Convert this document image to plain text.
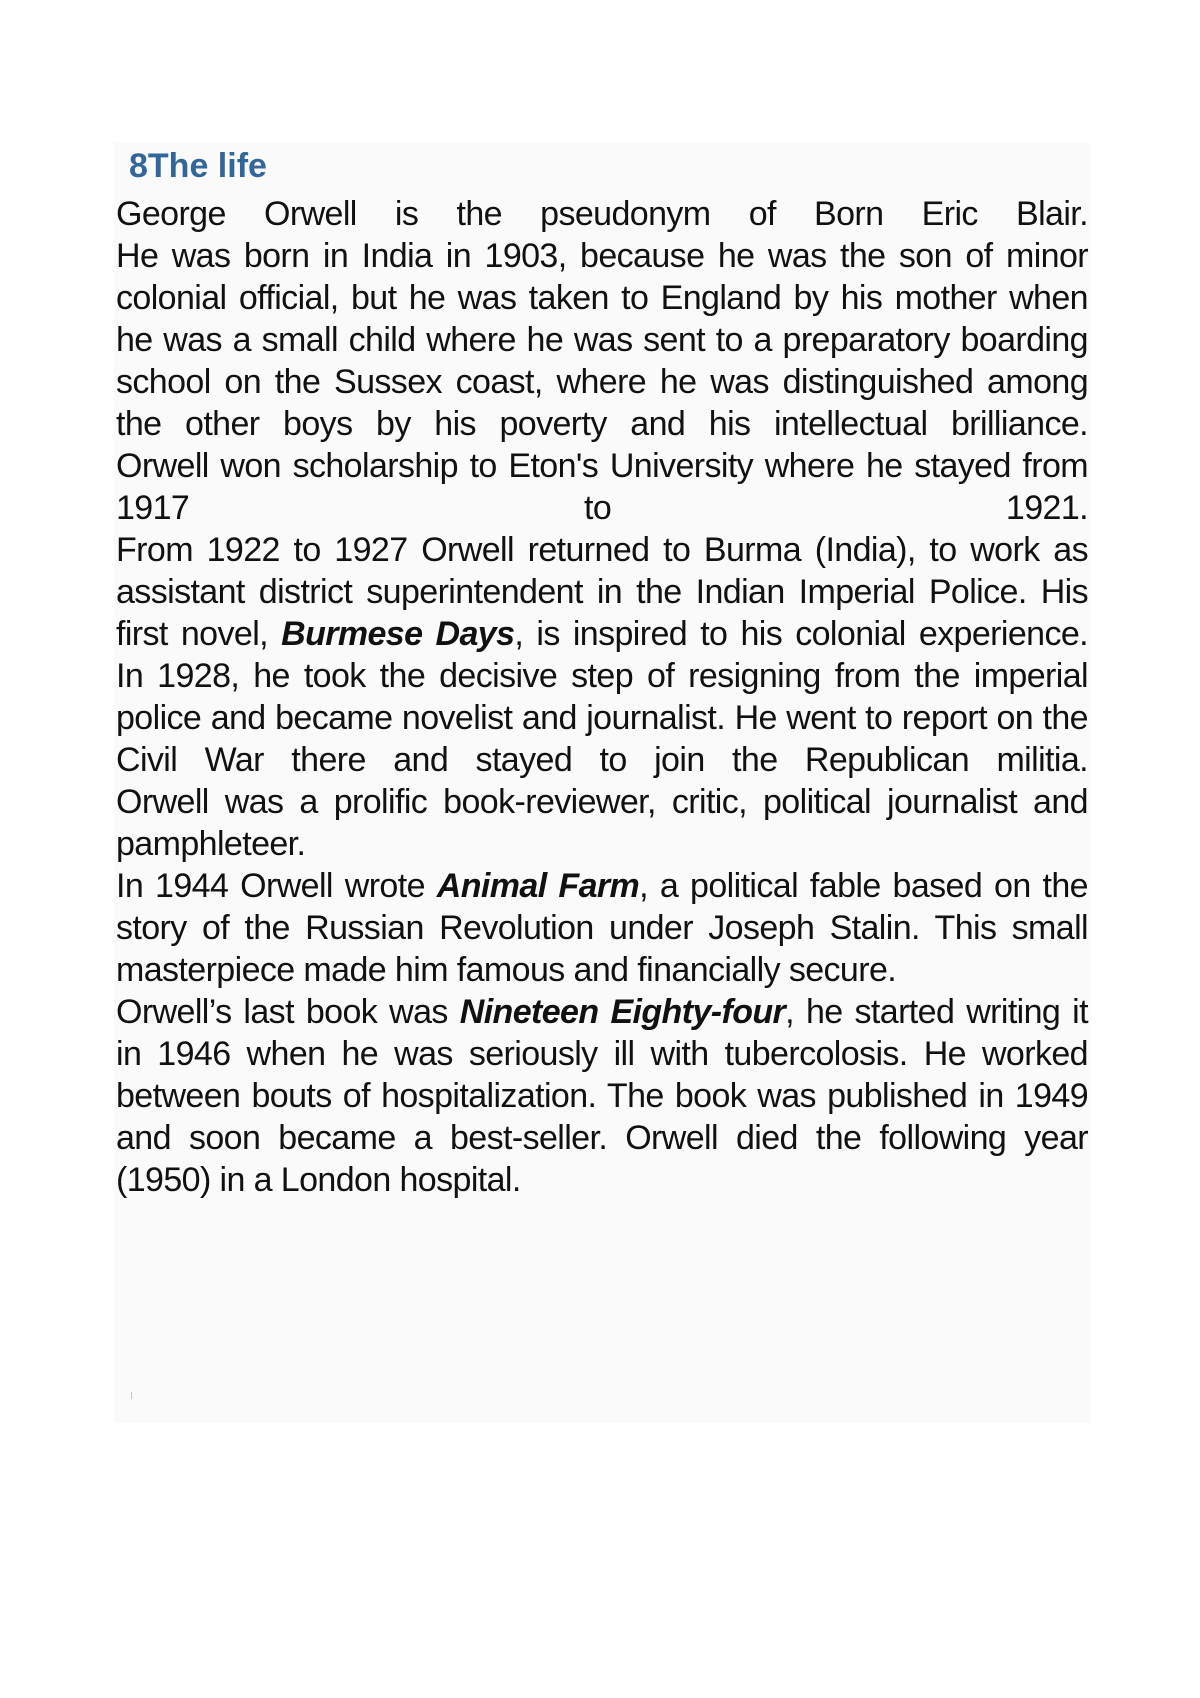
8The life

George Orwell is the pseudonym of Born Eric Blair.

He was born in India in 1903, because he was the son of minor colonial official, but he was taken to England by his mother when he was a small child where he was sent to a preparatory boarding school on the Sussex coast, where he was distinguished among the other boys by his poverty and his intellectual brilliance.

Orwell won scholarship to Eton's University where he stayed from 1917 to 1921.

From 1922 to 1927 Orwell returned to Burma (India), to work as assistant district superintendent in the Indian Imperial Police. His first novel, Burmese Days, is inspired to his colonial experience.

In 1928, he took the decisive step of resigning from the imperial police and became novelist and journalist. He went to report on the Civil War there and stayed to join the Republican militia.

Orwell was a prolific book-reviewer, critic, political journalist and pamphleteer.

In 1944 Orwell wrote Animal Farm, a political fable based on the story of the Russian Revolution under Joseph Stalin. This small masterpiece made him famous and financially secure.

Orwell’s last book was Nineteen Eighty-four, he started writing it in 1946 when he was seriously ill with tubercolosis. He worked between bouts of hospitalization. The book was published in 1949 and soon became a best-seller. Orwell died the following year (1950) in a London hospital.
